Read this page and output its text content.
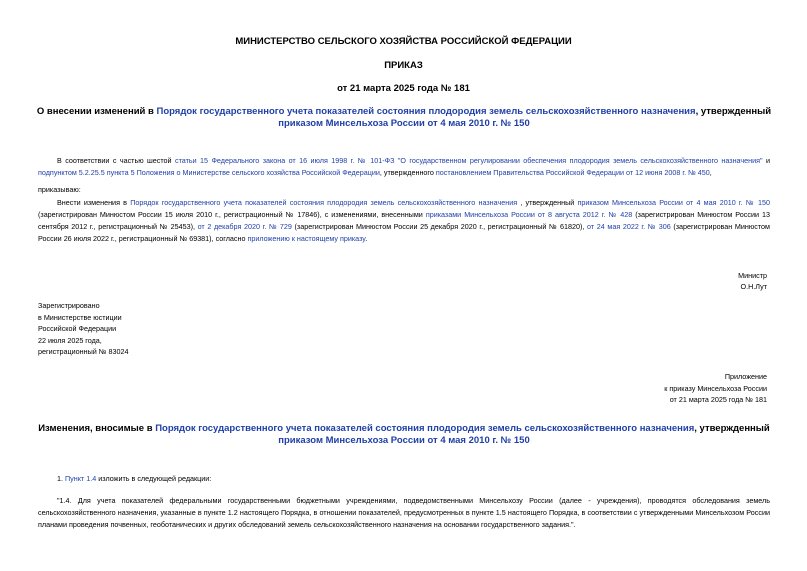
МИНИСТЕРСТВО СЕЛЬСКОГО ХОЗЯЙСТВА РОССИЙСКОЙ ФЕДЕРАЦИИ
ПРИКАЗ
от 21 марта 2025 года № 181
О внесении изменений в Порядок государственного учета показателей состояния плодородия земель сельскохозяйственного назначения, утвержденный приказом Минсельхоза России от 4 мая 2010 г. № 150
В соответствии с частью шестой статьи 15 Федерального закона от 16 июля 1998 г. № 101-ФЗ "О государственном регулировании обеспечения плодородия земель сельскохозяйственного назначения" и подпунктом 5.2.25.5 пункта 5 Положения о Министерстве сельского хозяйства Российской Федерации, утвержденного постановлением Правительства Российской Федерации от 12 июня 2008 г. № 450,
приказываю:
Внести изменения в Порядок государственного учета показателей состояния плодородия земель сельскохозяйственного назначения , утвержденный приказом Минсельхоза России от 4 мая 2010 г. № 150 (зарегистрирован Минюстом России 15 июля 2010 г., регистрационный № 17846), с изменениями, внесенными приказами Минсельхоза России от 8 августа 2012 г. № 428 (зарегистрирован Минюстом России 13 сентября 2012 г., регистрационный № 25453), от 2 декабря 2020 г. № 729 (зарегистрирован Минюстом России 25 декабря 2020 г., регистрационный № 61820), от 24 мая 2022 г. № 306 (зарегистрирован Минюстом России 26 июля 2022 г., регистрационный № 69381), согласно приложению к настоящему приказу.
Министр
О.Н.Лут
Зарегистрировано
в Министерстве юстиции
Российской Федерации
22 июля 2025 года,
регистрационный № 83024
Приложение
к приказу Минсельхоза России
от 21 марта 2025 года № 181
Изменения, вносимые в Порядок государственного учета показателей состояния плодородия земель сельскохозяйственного назначения, утвержденный приказом Минсельхоза России от 4 мая 2010 г. № 150
1. Пункт 1.4 изложить в следующей редакции:
"1.4. Для учета показателей федеральными государственными бюджетными учреждениями, подведомственными Минсельхозу России (далее - учреждения), проводятся обследования земель сельскохозяйственного назначения, указанные в пункте 1.2 настоящего Порядка, в отношении показателей, предусмотренных в пункте 1.5 настоящего Порядка, в соответствии с утвержденными Минсельхозом России планами проведения почвенных, геоботанических и других обследований земель сельскохозяйственного назначения на основании государственного задания.".
